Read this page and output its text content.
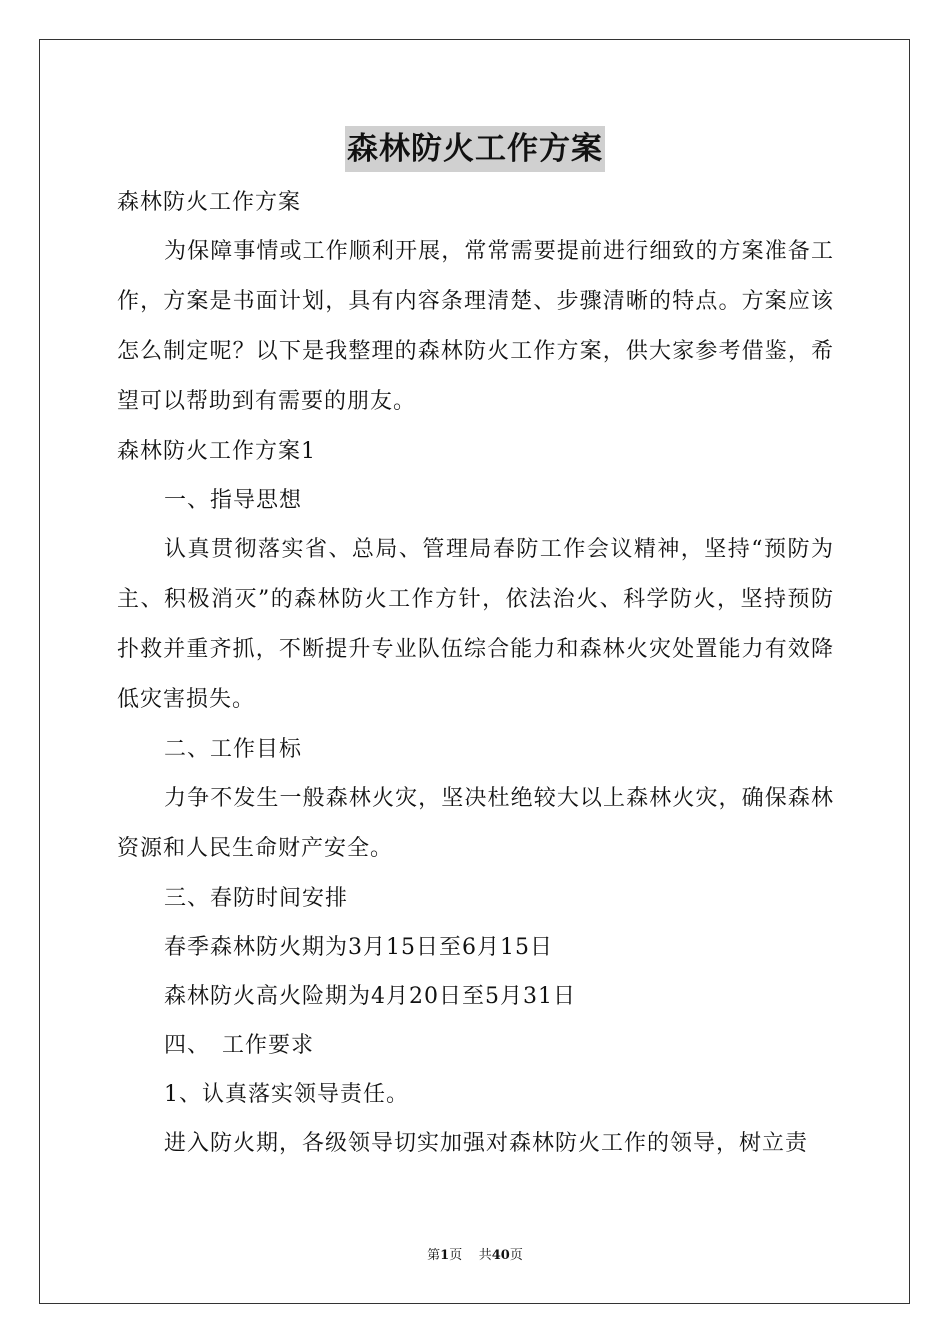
森林防火工作方案
森林防火工作方案
为保障事情或工作顺利开展，常常需要提前进行细致的方案准备工作，方案是书面计划，具有内容条理清楚、步骤清晰的特点。方案应该怎么制定呢？以下是我整理的森林防火工作方案，供大家参考借鉴，希望可以帮助到有需要的朋友。
森林防火工作方案1
一、指导思想
认真贯彻落实省、总局、管理局春防工作会议精神，坚持“预防为主、积极消灭”的森林防火工作方针，依法治火、科学防火，坚持预防扑救并重齐抓，不断提升专业队伍综合能力和森林火灾处置能力有效降低灾害损失。
二、工作目标
力争不发生一般森林火灾，坚决杜绝较大以上森林火灾，确保森林资源和人民生命财产安全。
三、春防时间安排
春季森林防火期为3月15日至6月15日
森林防火高火险期为4月20日至5月31日
四、　工作要求
1、认真落实领导责任。
进入防火期，各级领导切实加强对森林防火工作的领导，树立责
第1页 共40页
